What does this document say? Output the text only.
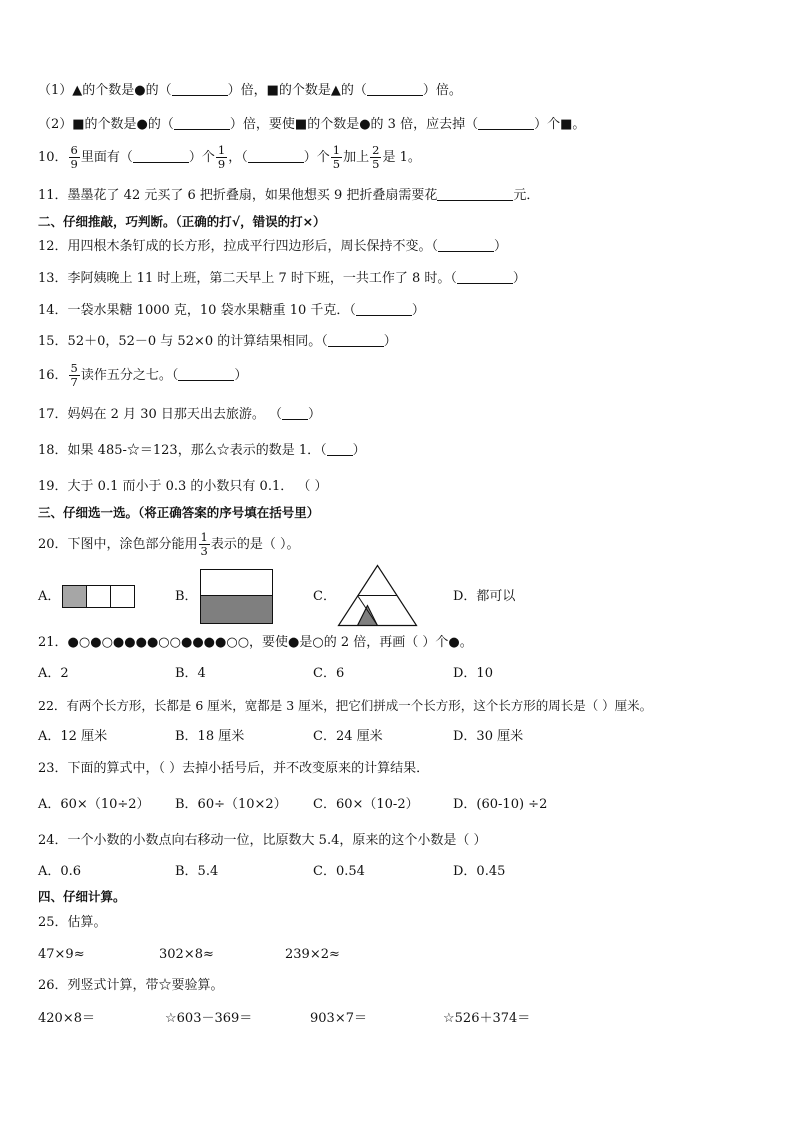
（1）▲的个数是●的（	）倍，■的个数是▲的（	）倍。
（2）■的个数是●的（	）倍，要使■的个数是●的 3 倍，应去掉（	）个■。
10． $\frac{6}{9}$ 里面有（	）个 $\frac{1}{9}$ ，（	）个 $\frac{1}{5}$ 加上 $\frac{2}{5}$ 是 1。
11．墨墨花了 42 元买了 6 把折叠扇，如果他想买 9 把折叠扇需要花	元．
二、仔细推敲，巧判断。（正确的打√，错误的打×）
12．用四根木条钉成的长方形，拉成平行四边形后，周长保持不变。（	）
13．李阿姨晚上 11 时上班，第二天早上 7 时下班，一共工作了 8 时。（	）
14．一袋水果糖 1000 克，10 袋水果糖重 10 千克．（	）
15．52＋0，52－0 与 52×0 的计算结果相同。（	）
16． $\frac{5}{7}$ 读作五分之七。（	）
17．妈妈在 2 月 30 日那天出去旅游。 （ ）
18．如果 485-☆＝123，那么☆表示的数是 1．（ ）
19．大于 0.1 而小于 0.3 的小数只有 0.1． （ ）
三、仔细选一选。（将正确答案的序号填在括号里）
20．下图中，涂色部分能用 $\frac{1}{3}$ 表示的是（ ）。
A．	B．	C．	D．都可以
21．●○●○●●●●○○●●●●○○，要使●是○的 2 倍，再画（ ）个●。
A．2	B．4	C．6	D．10
22．有两个长方形，长都是 6 厘米，宽都是 3 厘米，把它们拼成一个长方形，这个长方形的周长是（ ）厘米。
A．12 厘米	B．18 厘米	C．24 厘米	D．30 厘米
23．下面的算式中，（ ）去掉小括号后，并不改变原来的计算结果．
A．60×（10÷2） B．60÷（10×2） C．60×（10-2）	D．(60-10) ÷2
24．一个小数的小数点向右移动一位，比原数大 5.4，原来的这个小数是（ ）
A．0.6	B．5.4	C．0.54	D．0.45
四、仔细计算。
25．估算。
47×9≈	302×8≈	239×2≈
26．列竖式计算，带☆要验算。
420×8＝	☆603－369＝	903×7＝	☆526＋374＝
